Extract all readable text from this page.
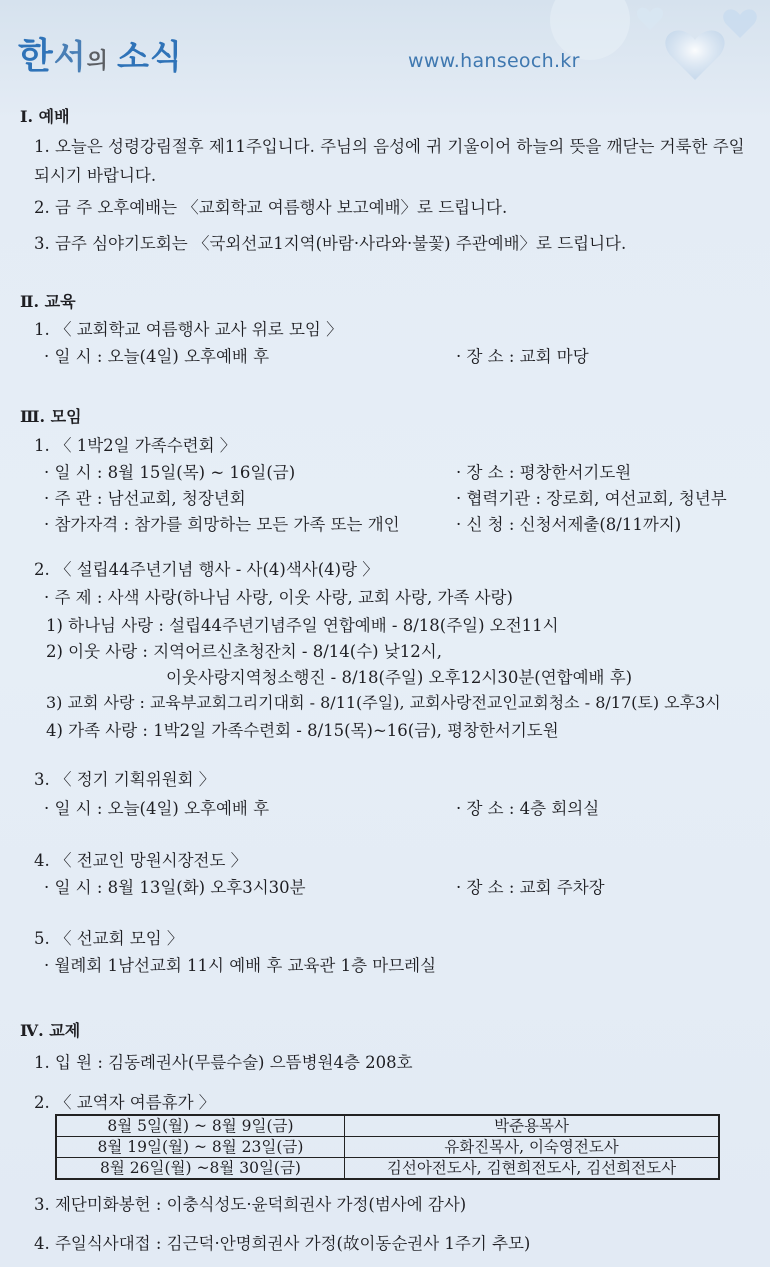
한서의 소식	www.hanseoch.kr
Ⅰ. 예배
1. 오늘은 성령강림절후 제11주입니다. 주님의 음성에 귀 기울이어 하늘의 뜻을 깨닫는 거룩한 주일 되시기 바랍니다.
2. 금 주 오후예배는 〈교회학교 여름행사 보고예배〉로 드립니다.
3. 금주 심야기도회는 〈국외선교1지역(바람·사라와·불꽃) 주관예배〉로 드립니다.
Ⅱ. 교육
1. 〈 교회학교 여름행사 교사 위로 모임 〉
· 일 시 : 오늘(4일) 오후예배 후	· 장 소 : 교회 마당
Ⅲ. 모임
1. 〈 1박2일 가족수련회 〉
· 일 시 : 8월 15일(목) ~ 16일(금)	· 장 소 : 평창한서기도원
· 주 관 : 남선교회, 청장년회	· 협력기관 : 장로회, 여선교회, 청년부
· 참가자격 : 참가를 희망하는 모든 가족 또는 개인	· 신 청 : 신청서제출(8/11까지)
2. 〈 설립44주년기념 행사 - 사(4)색사(4)랑 〉
· 주 제 : 사색 사랑(하나님 사랑, 이웃 사랑, 교회 사랑, 가족 사랑)
1) 하나님 사랑 : 설립44주년기념주일 연합예배 - 8/18(주일) 오전11시
2) 이웃 사랑 : 지역어르신초청잔치 - 8/14(수) 낮12시,
이웃사랑지역청소행진 - 8/18(주일) 오후12시30분(연합예배 후)
3) 교회 사랑 : 교육부교회그리기대회 - 8/11(주일), 교회사랑전교인교회청소 - 8/17(토) 오후3시
4) 가족 사랑 : 1박2일 가족수련회 - 8/15(목)~16(금), 평창한서기도원
3. 〈 정기 기획위원회 〉
· 일 시 : 오늘(4일) 오후예배 후	· 장 소 : 4층 회의실
4. 〈 전교인 망원시장전도 〉
· 일 시 : 8월 13일(화) 오후3시30분	· 장 소 : 교회 주차장
5. 〈 선교회 모임 〉
· 월례회 1남선교회 11시 예배 후 교육관 1층 마므레실
Ⅳ. 교제
1. 입 원 : 김동례권사(무릎수술) 으뜸병원4층 208호
2. 〈 교역자 여름휴가 〉
8월 5일(월) ~ 8월 9일(금)	박준용목사
8월 19일(월) ~ 8월 23일(금)	유화진목사, 이숙영전도사
8월 26일(월) ~8월 30일(금)	김선아전도사, 김현희전도사, 김선희전도사
3. 제단미화봉헌 : 이충식성도·윤덕희권사 가정(범사에 감사)
4. 주일식사대접 : 김근덕·안명희권사 가정(故이동순권사 1주기 추모)
